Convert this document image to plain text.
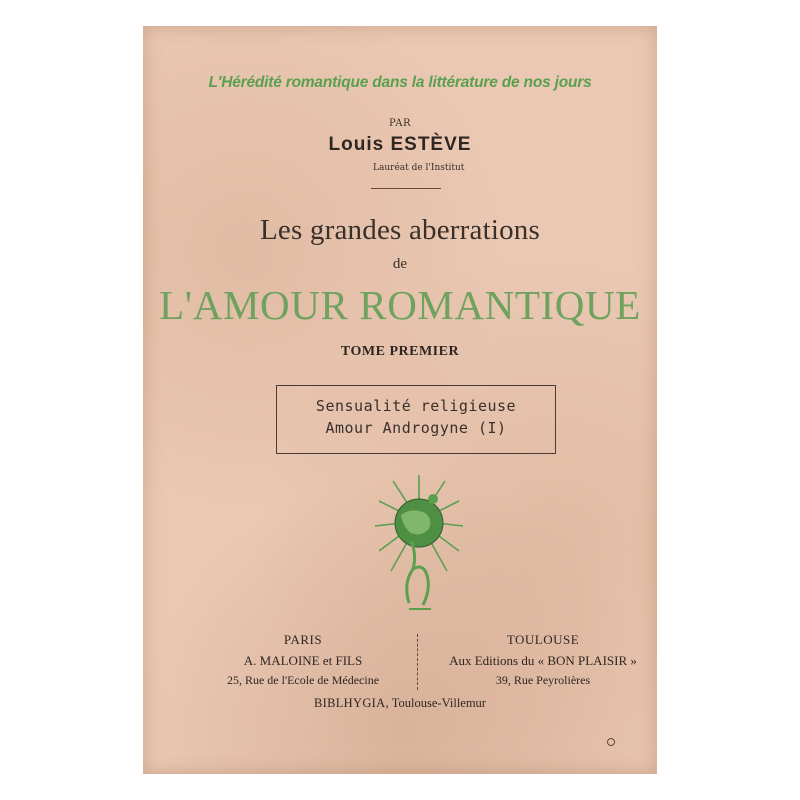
L'Hérédité romantique dans la littérature de nos jours
PAR
Louis ESTÈVE
Lauréat de l'Institut
Les grandes aberrations
de
L'AMOUR ROMANTIQUE
TOME PREMIER
Sensualité religieuse
Amour Androgyne (I)
PARIS
A. MALOINE et FILS
25, Rue de l'Ecole de Médecine
TOULOUSE
Aux Editions du « BON PLAISIR »
39, Rue Peyrolières
BIBLHYGIA, Toulouse-Villemur
